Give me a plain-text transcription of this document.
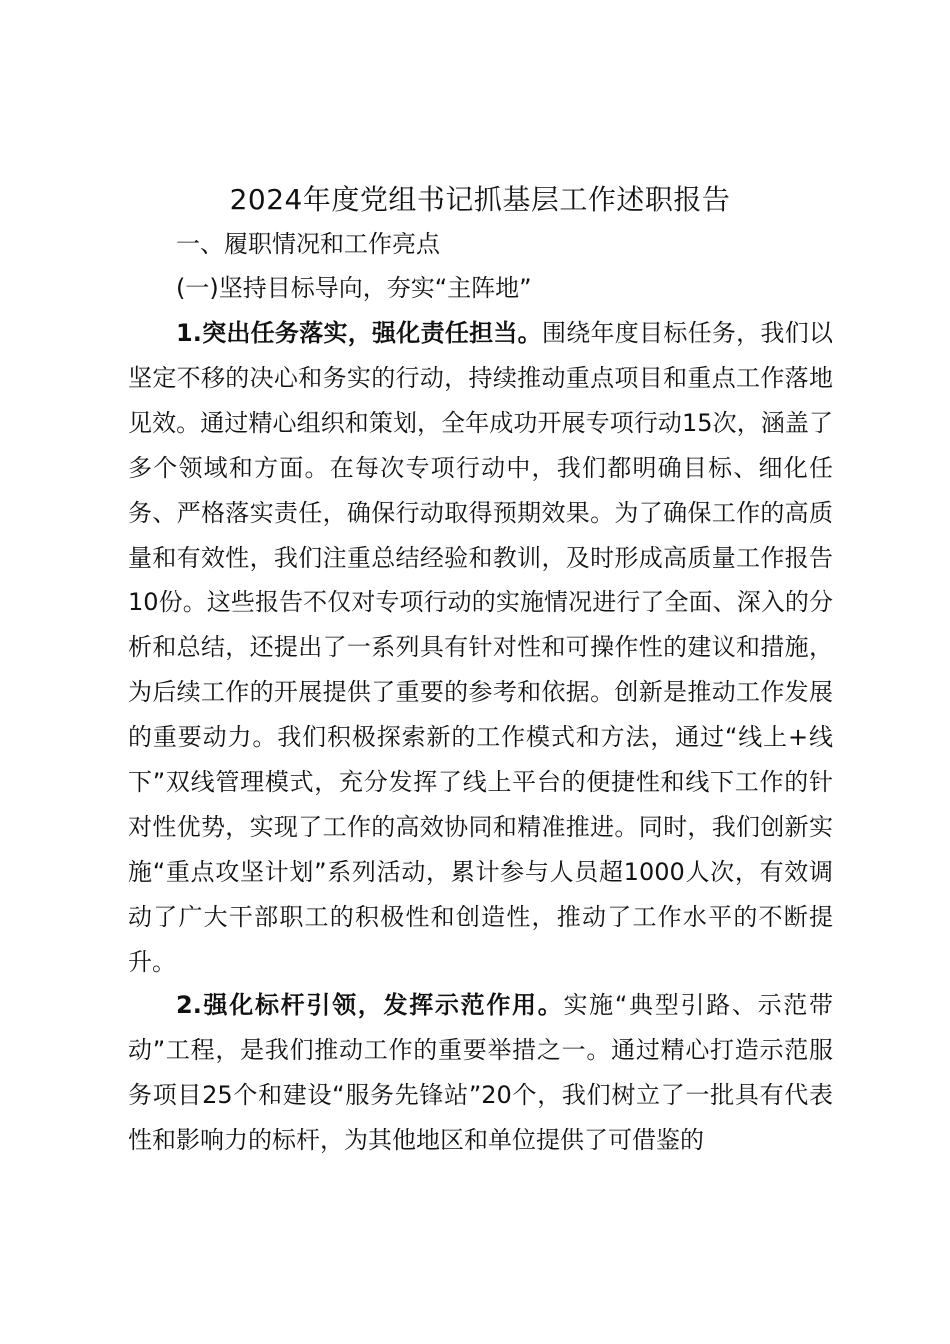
2024年度党组书记抓基层工作述职报告
一、履职情况和工作亮点
(一)坚持目标导向，夯实“主阵地”

1.突出任务落实，强化责任担当。围绕年度目标任务，我们以坚定不移的决心和务实的行动，持续推动重点项目和重点工作落地见效。通过精心组织和策划，全年成功开展专项行动15次，涵盖了多个领域和方面。在每次专项行动中，我们都明确目标、细化任务、严格落实责任，确保行动取得预期效果。为了确保工作的高质量和有效性，我们注重总结经验和教训，及时形成高质量工作报告10份。这些报告不仅对专项行动的实施情况进行了全面、深入的分析和总结，还提出了一系列具有针对性和可操作性的建议和措施，为后续工作的开展提供了重要的参考和依据。创新是推动工作发展的重要动力。我们积极探索新的工作模式和方法，通过“线上+线下”双线管理模式，充分发挥了线上平台的便捷性和线下工作的针对性优势，实现了工作的高效协同和精准推进。同时，我们创新实施“重点攻坚计划”系列活动，累计参与人员超1000人次，有效调动了广大干部职工的积极性和创造性，推动了工作水平的不断提升。

2.强化标杆引领，发挥示范作用。实施“典型引路、示范带动”工程，是我们推动工作的重要举措之一。通过精心打造示范服务项目25个和建设“服务先锋站”20个，我们树立了一批具有代表性和影响力的标杆，为其他地区和单位提供了可借鉴的
